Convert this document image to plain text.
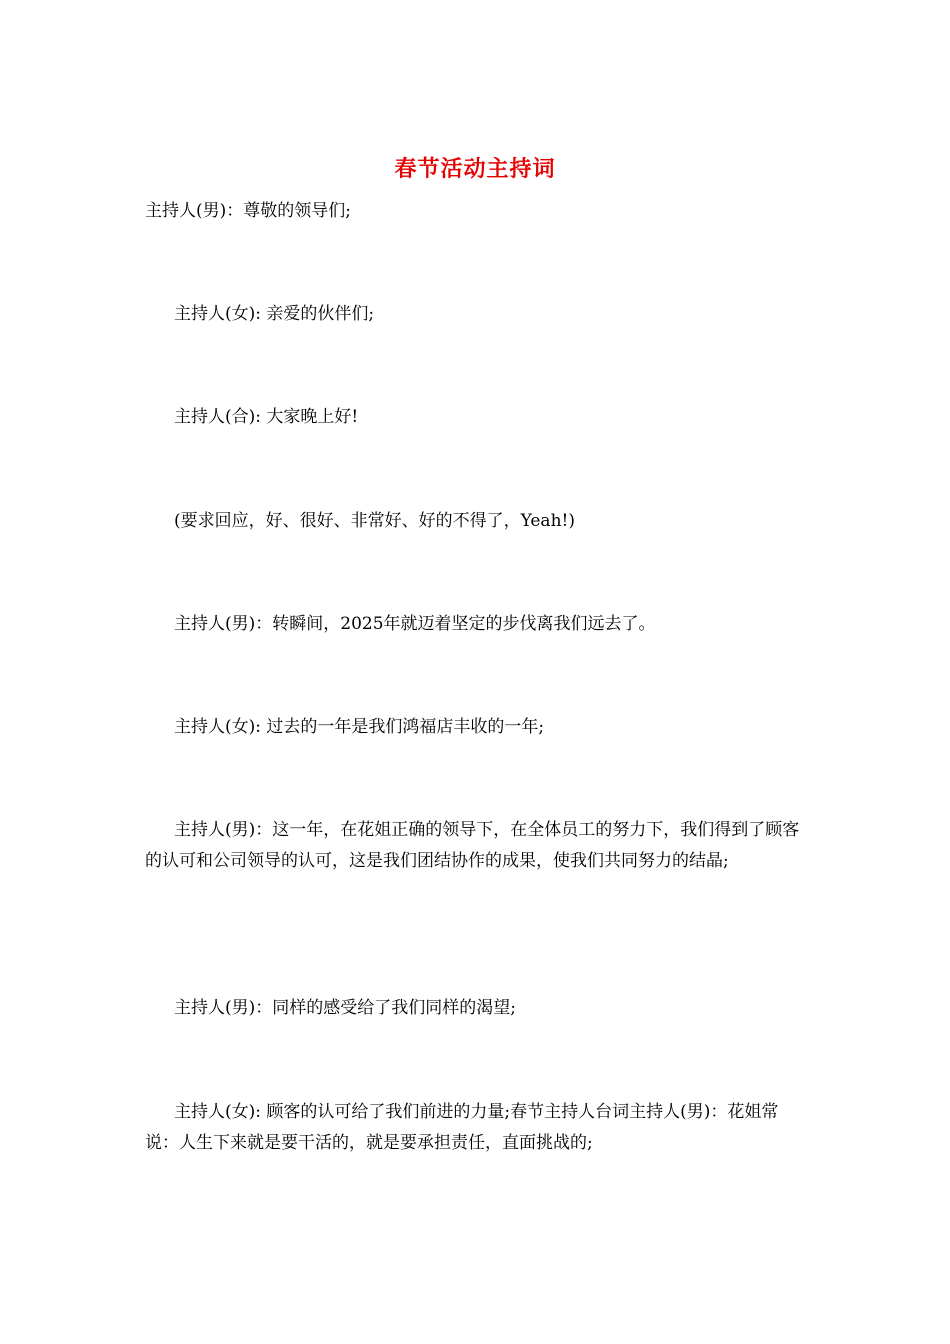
春节活动主持词
主持人(男)：尊敬的领导们;
主持人(女): 亲爱的伙伴们;
主持人(合): 大家晚上好!
(要求回应，好、很好、非常好、好的不得了，Yeah!)
主持人(男)：转瞬间，2025年就迈着坚定的步伐离我们远去了。
主持人(女): 过去的一年是我们鸿福店丰收的一年;
主持人(男)：这一年，在花姐正确的领导下，在全体员工的努力下，我们得到了顾客的认可和公司领导的认可，这是我们团结协作的成果，使我们共同努力的结晶;
主持人(男)：同样的感受给了我们同样的渴望;
主持人(女): 顾客的认可给了我们前进的力量;春节主持人台词主持人(男)：花姐常说：人生下来就是要干活的，就是要承担责任，直面挑战的;
